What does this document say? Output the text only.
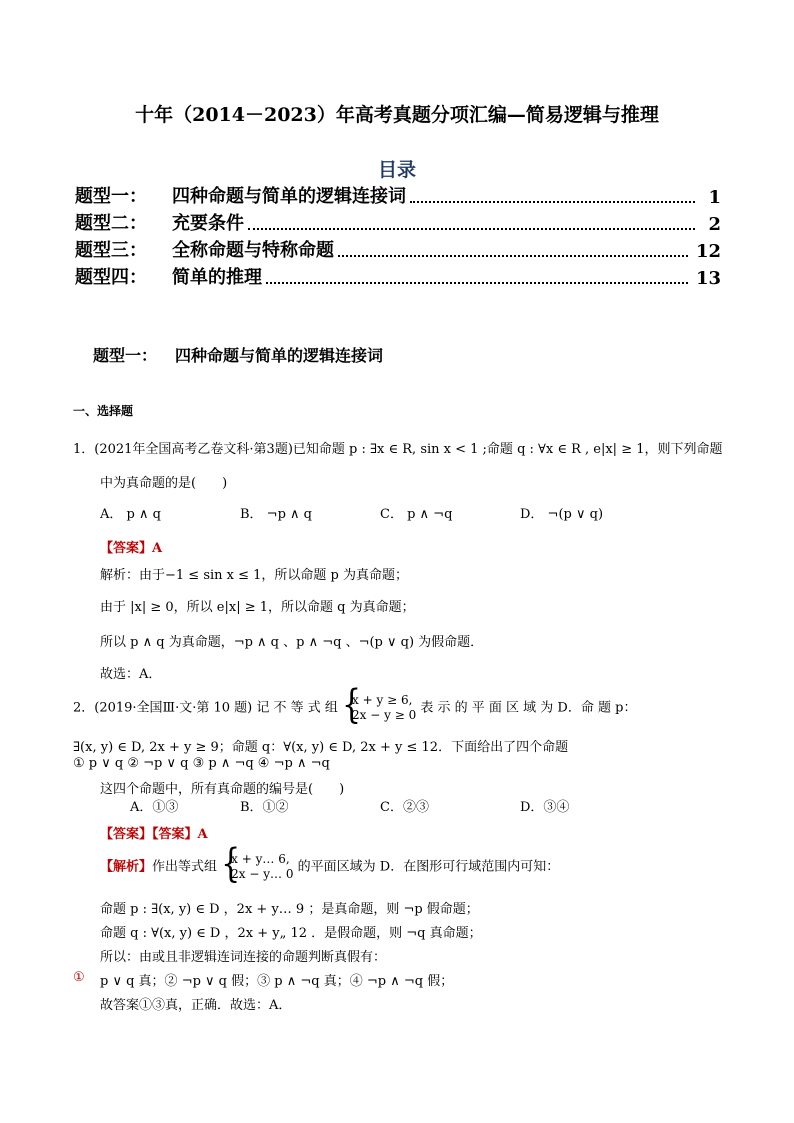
十年（2014－2023）年高考真题分项汇编—简易逻辑与推理
目录
题型一：	四种命题与简单的逻辑连接词	1
题型二：	充要条件	2
题型三：	全称命题与特称命题	12
题型四：	简单的推理	13
题型一： 四种命题与简单的逻辑连接词
一、选择题
1．(2021年全国高考乙卷文科·第3题)已知命题 p : ∃x ∈ R, sin x < 1 ;命题 q : ∀x ∈ R , e|x| ≥ 1，则下列命题
中为真命题的是(　　)
A． p ∧ q	B． ¬p ∧ q	C． p ∧ ¬q	D． ¬(p ∨ q)
【答案】A
解析：由于−1 ≤ sin x ≤ 1，所以命题 p 为真命题；
由于 |x| ≥ 0，所以 e|x| ≥ 1，所以命题 q 为真命题；
所以 p ∧ q 为真命题，¬p ∧ q 、p ∧ ¬q 、¬(p ∨ q) 为假命题．
故选：A．
2．(2019·全国Ⅲ·文·第 10 题) 记 不 等 式 组 {
x + y ≥ 6,
2x − y ≥ 0 表 示 的 平 面 区 域 为 D．命 题 p：
∃(x, y) ∈ D, 2x + y ≥ 9；命题 q：∀(x, y) ∈ D, 2x + y ≤ 12．下面给出了四个命题
① p ∨ q ② ¬p ∨ q ③ p ∧ ¬q ④ ¬p ∧ ¬q
这四个命题中，所有真命题的编号是(　　)
A．①③	B．①②	C．②③	D．③④
【答案】【答案】A
【解析】作出等式组 {
x + y… 6,
2x − y… 0 的平面区域为 D．在图形可行域范围内可知：
命题 p : ∃(x, y) ∈ D ，2x + y… 9 ；是真命题，则 ¬p 假命题；
命题 q : ∀(x, y) ∈ D ，2x + y„ 12 ．是假命题，则 ¬q 真命题；
所以：由或且非逻辑连词连接的命题判断真假有：
① p ∨ q 真；② ¬p ∨ q 假；③ p ∧ ¬q 真；④ ¬p ∧ ¬q 假；
故答案①③真，正确．故选：A．
